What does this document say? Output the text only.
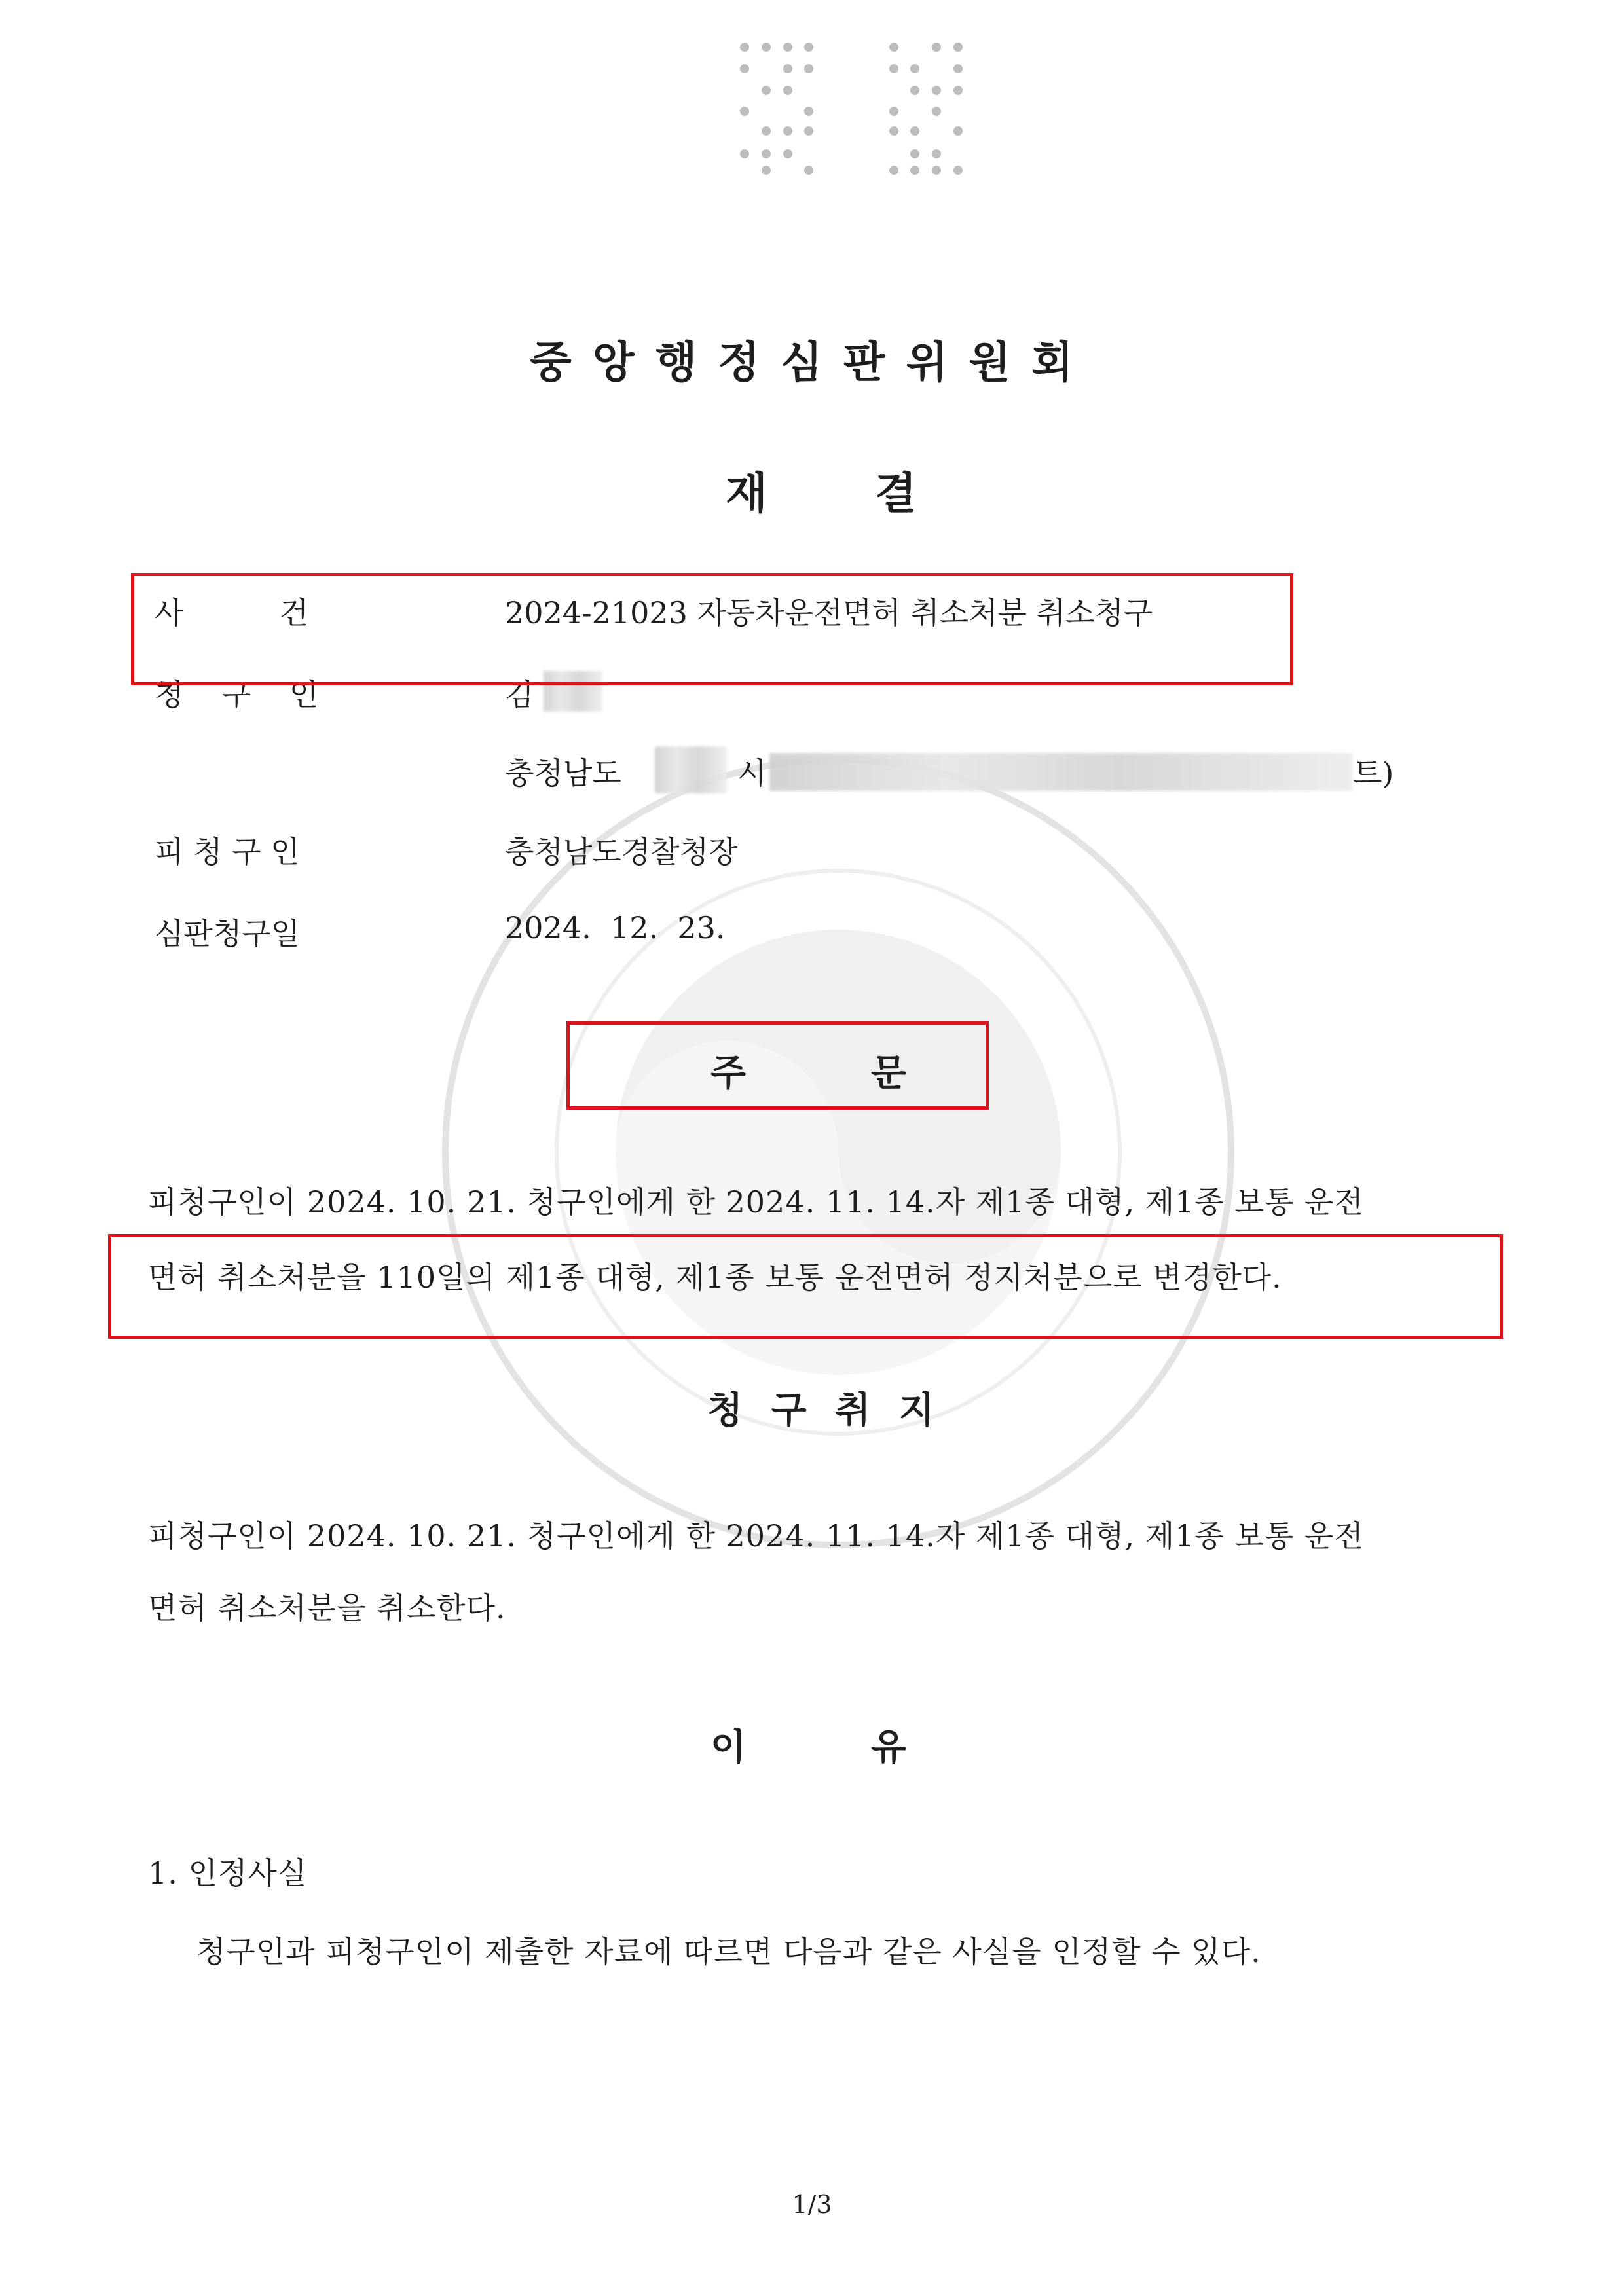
중앙행정심판위원회
재 결
사          건	2024-21023 자동차운전면허 취소처분 취소청구
청    구    인	김
충청남도	시	트)
피 청 구 인	충청남도경찰청장
심판청구일	2024.  12.  23.
주	문
피청구인이 2024. 10. 21. 청구인에게 한 2024. 11. 14.자 제1종 대형, 제1종 보통 운전
면허 취소처분을 110일의 제1종 대형, 제1종 보통 운전면허 정지처분으로 변경한다.
청 구 취 지
피청구인이 2024. 10. 21. 청구인에게 한 2024. 11. 14.자 제1종 대형, 제1종 보통 운전
면허 취소처분을 취소한다.
이	유
1. 인정사실
청구인과 피청구인이 제출한 자료에 따르면 다음과 같은 사실을 인정할 수 있다.
1/3
